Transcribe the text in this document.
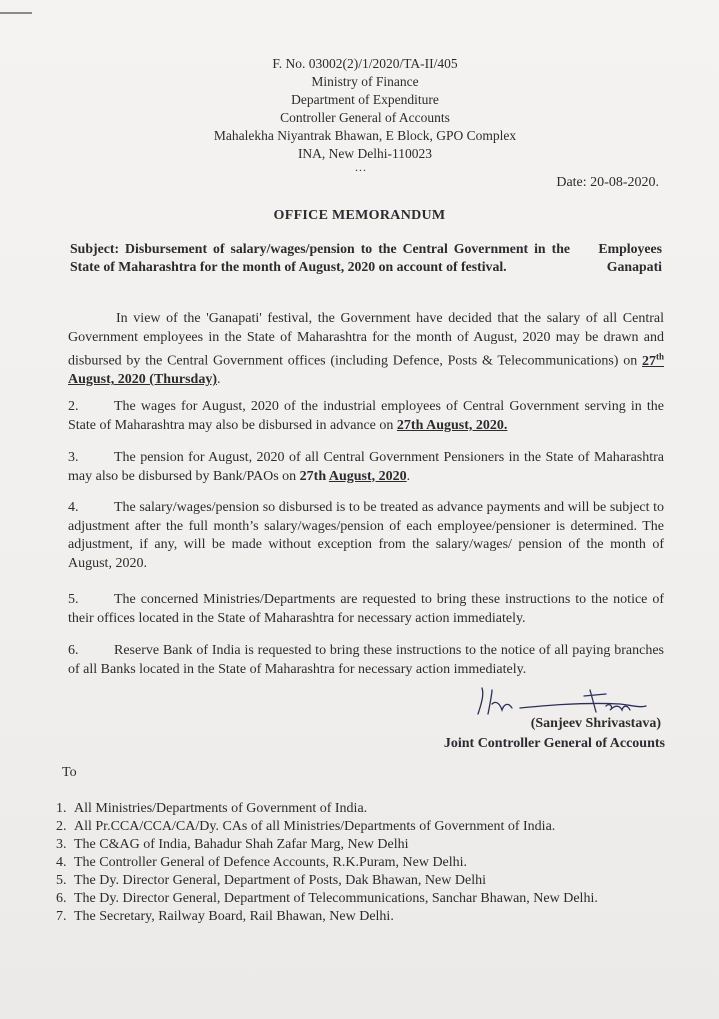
F. No. 03002(2)/1/2020/TA-II/405
Ministry of Finance
Department of Expenditure
Controller General of Accounts
Mahalekha Niyantrak Bhawan, E Block, GPO Complex
INA, New Delhi-110023
...
Date: 20-08-2020.
OFFICE MEMORANDUM
Subject: Disbursement of salary/wages/pension to the Central Government in the State of Maharashtra for the month of August, 2020 on account of festival.
Employees
Ganapati
In view of the 'Ganapati' festival, the Government have decided that the salary of all Central Government employees in the State of Maharashtra for the month of August, 2020 may be drawn and disbursed by the Central Government offices (including Defence, Posts & Telecommunications) on 27th August, 2020 (Thursday).
2.	The wages for August, 2020 of the industrial employees of Central Government serving in the State of Maharashtra may also be disbursed in advance on 27th August, 2020.
3.	The pension for August, 2020 of all Central Government Pensioners in the State of Maharashtra may also be disbursed by Bank/PAOs on 27th August, 2020.
4.	The salary/wages/pension so disbursed is to be treated as advance payments and will be subject to adjustment after the full month’s salary/wages/pension of each employee/pensioner is determined. The adjustment, if any, will be made without exception from the salary/wages/ pension of the month of August, 2020.
5.	The concerned Ministries/Departments are requested to bring these instructions to the notice of their offices located in the State of Maharashtra for necessary action immediately.
6.	Reserve Bank of India is requested to bring these instructions to the notice of all paying branches of all Banks located in the State of Maharashtra for necessary action immediately.
(Sanjeev Shrivastava)
Joint Controller General of Accounts
To
1. All Ministries/Departments of Government of India.
2. All Pr.CCA/CCA/CA/Dy. CAs of all Ministries/Departments of Government of India.
3. The C&AG of India, Bahadur Shah Zafar Marg, New Delhi
4. The Controller General of Defence Accounts, R.K.Puram, New Delhi.
5. The Dy. Director General, Department of Posts, Dak Bhawan, New Delhi
6. The Dy. Director General, Department of Telecommunications, Sanchar Bhawan, New Delhi.
7. The Secretary, Railway Board, Rail Bhawan, New Delhi.
